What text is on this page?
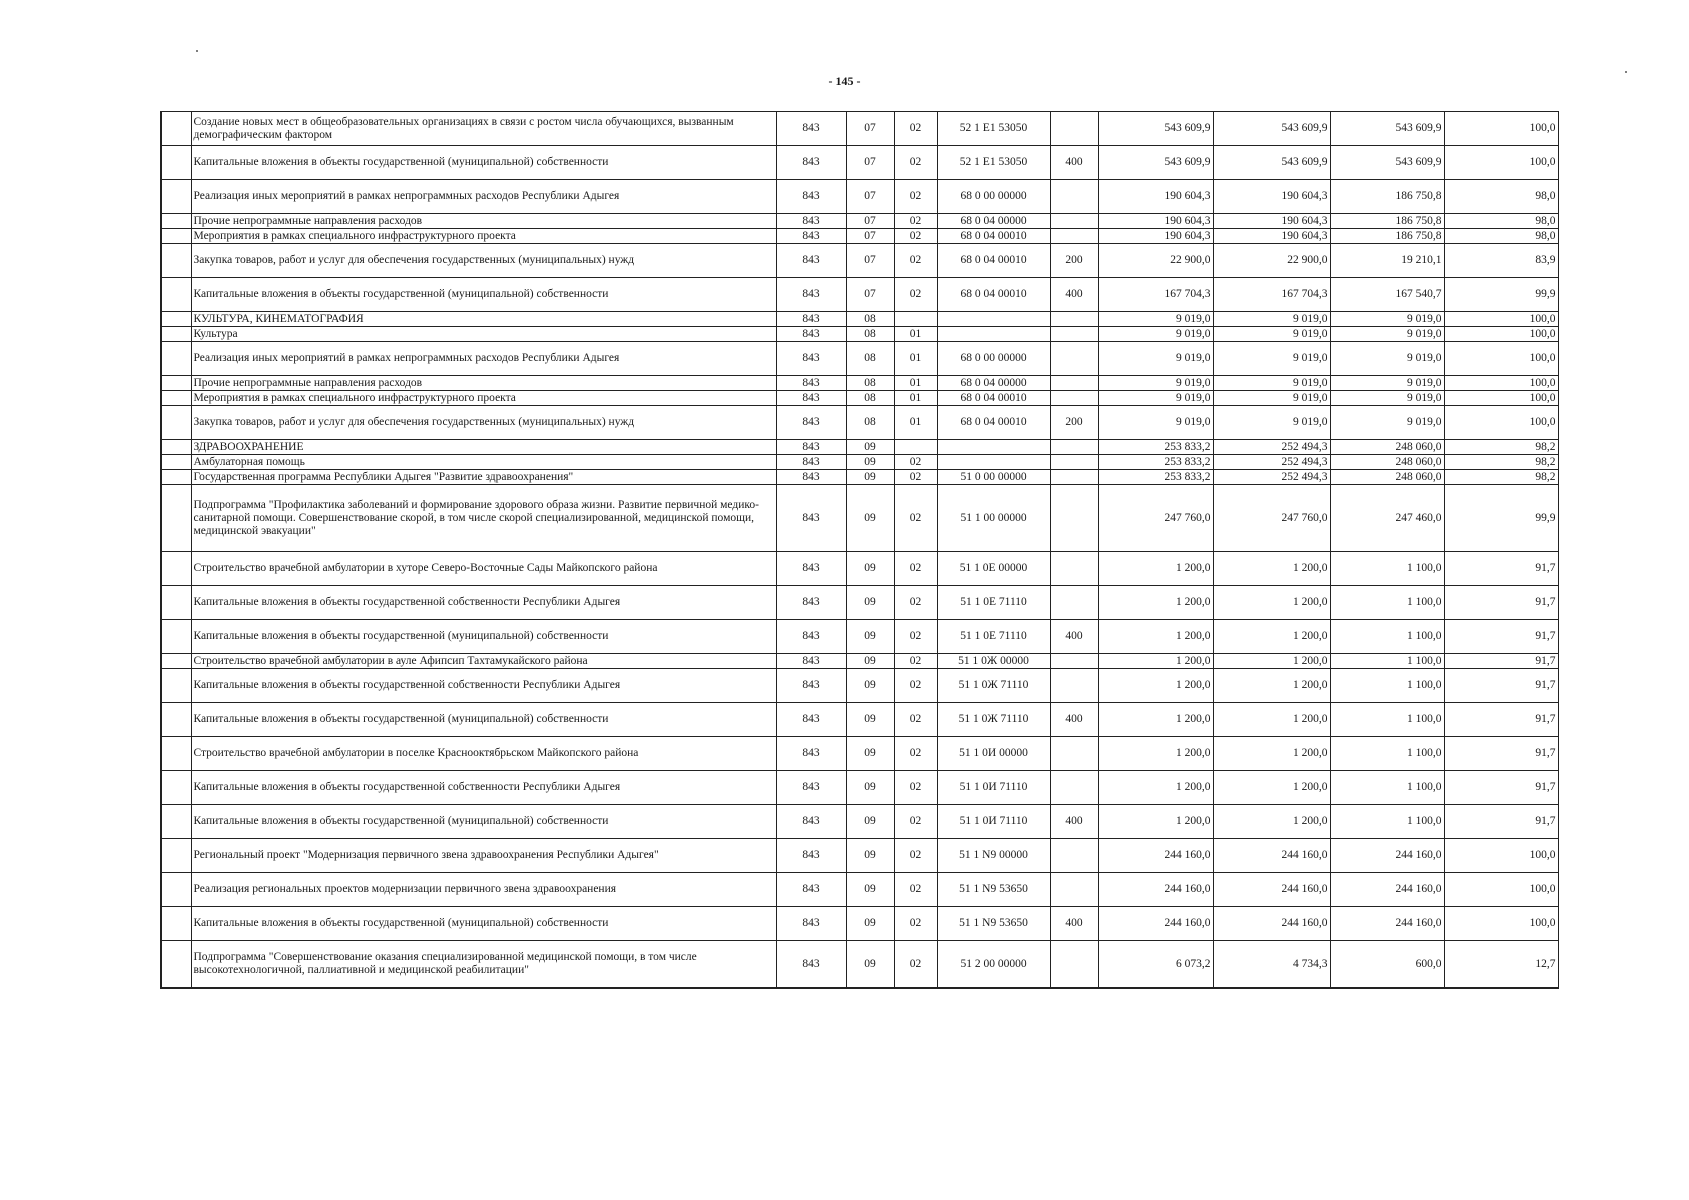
- 145 -
	Создание новых мест в общеобразовательных организациях в связи с ростом числа обучающихся, вызванным демографическим фактором	843	07	02	52 1 E1 53050		543 609,9	543 609,9	543 609,9	100,0
	Капитальные вложения в объекты государственной (муниципальной) собственности	843	07	02	52 1 E1 53050	400	543 609,9	543 609,9	543 609,9	100,0
	Реализация иных мероприятий в рамках непрограммных расходов Республики Адыгея	843	07	02	68 0 00 00000		190 604,3	190 604,3	186 750,8	98,0
	Прочие непрограммные направления расходов	843	07	02	68 0 04 00000		190 604,3	190 604,3	186 750,8	98,0
	Мероприятия в рамках специального инфраструктурного проекта	843	07	02	68 0 04 00010		190 604,3	190 604,3	186 750,8	98,0
	Закупка товаров, работ и услуг для обеспечения государственных (муниципальных) нужд	843	07	02	68 0 04 00010	200	22 900,0	22 900,0	19 210,1	83,9
	Капитальные вложения в объекты государственной (муниципальной) собственности	843	07	02	68 0 04 00010	400	167 704,3	167 704,3	167 540,7	99,9
	КУЛЬТУРА, КИНЕМАТОГРАФИЯ	843	08				9 019,0	9 019,0	9 019,0	100,0
	Культура	843	08	01			9 019,0	9 019,0	9 019,0	100,0
	Реализация иных мероприятий в рамках непрограммных расходов Республики Адыгея	843	08	01	68 0 00 00000		9 019,0	9 019,0	9 019,0	100,0
	Прочие непрограммные направления расходов	843	08	01	68 0 04 00000		9 019,0	9 019,0	9 019,0	100,0
	Мероприятия в рамках специального инфраструктурного проекта	843	08	01	68 0 04 00010		9 019,0	9 019,0	9 019,0	100,0
	Закупка товаров, работ и услуг для обеспечения государственных (муниципальных) нужд	843	08	01	68 0 04 00010	200	9 019,0	9 019,0	9 019,0	100,0
	ЗДРАВООХРАНЕНИЕ	843	09				253 833,2	252 494,3	248 060,0	98,2
	Амбулаторная помощь	843	09	02			253 833,2	252 494,3	248 060,0	98,2
	Государственная программа Республики Адыгея "Развитие здравоохранения"	843	09	02	51 0 00 00000		253 833,2	252 494,3	248 060,0	98,2
	Подпрограмма "Профилактика заболеваний и формирование здорового образа жизни. Развитие первичной медико-санитарной помощи. Совершенствование скорой, в том числе скорой специализированной, медицинской помощи, медицинской эвакуации"	843	09	02	51 1 00 00000		247 760,0	247 760,0	247 460,0	99,9
	Строительство врачебной амбулатории в хуторе Северо-Восточные Сады Майкопского района	843	09	02	51 1 0Е 00000		1 200,0	1 200,0	1 100,0	91,7
	Капитальные вложения в объекты государственной собственности Республики Адыгея	843	09	02	51 1 0Е 71110		1 200,0	1 200,0	1 100,0	91,7
	Капитальные вложения в объекты государственной (муниципальной) собственности	843	09	02	51 1 0Е 71110	400	1 200,0	1 200,0	1 100,0	91,7
	Строительство врачебной амбулатории в ауле Афипсип Тахтамукайского района	843	09	02	51 1 0Ж 00000		1 200,0	1 200,0	1 100,0	91,7
	Капитальные вложения в объекты государственной собственности Республики Адыгея	843	09	02	51 1 0Ж 71110		1 200,0	1 200,0	1 100,0	91,7
	Капитальные вложения в объекты государственной (муниципальной) собственности	843	09	02	51 1 0Ж 71110	400	1 200,0	1 200,0	1 100,0	91,7
	Строительство врачебной амбулатории в поселке Краснооктябрьском Майкопского района	843	09	02	51 1 0И 00000		1 200,0	1 200,0	1 100,0	91,7
	Капитальные вложения в объекты государственной собственности Республики Адыгея	843	09	02	51 1 0И 71110		1 200,0	1 200,0	1 100,0	91,7
	Капитальные вложения в объекты государственной (муниципальной) собственности	843	09	02	51 1 0И 71110	400	1 200,0	1 200,0	1 100,0	91,7
	Региональный проект "Модернизация первичного звена здравоохранения Республики Адыгея"	843	09	02	51 1 N9 00000		244 160,0	244 160,0	244 160,0	100,0
	Реализация региональных проектов модернизации первичного звена здравоохранения	843	09	02	51 1 N9 53650		244 160,0	244 160,0	244 160,0	100,0
	Капитальные вложения в объекты государственной (муниципальной) собственности	843	09	02	51 1 N9 53650	400	244 160,0	244 160,0	244 160,0	100,0
	Подпрограмма "Совершенствование оказания специализированной медицинской помощи, в том числе высокотехнологичной, паллиативной и медицинской реабилитации"	843	09	02	51 2 00 00000		6 073,2	4 734,3	600,0	12,7
